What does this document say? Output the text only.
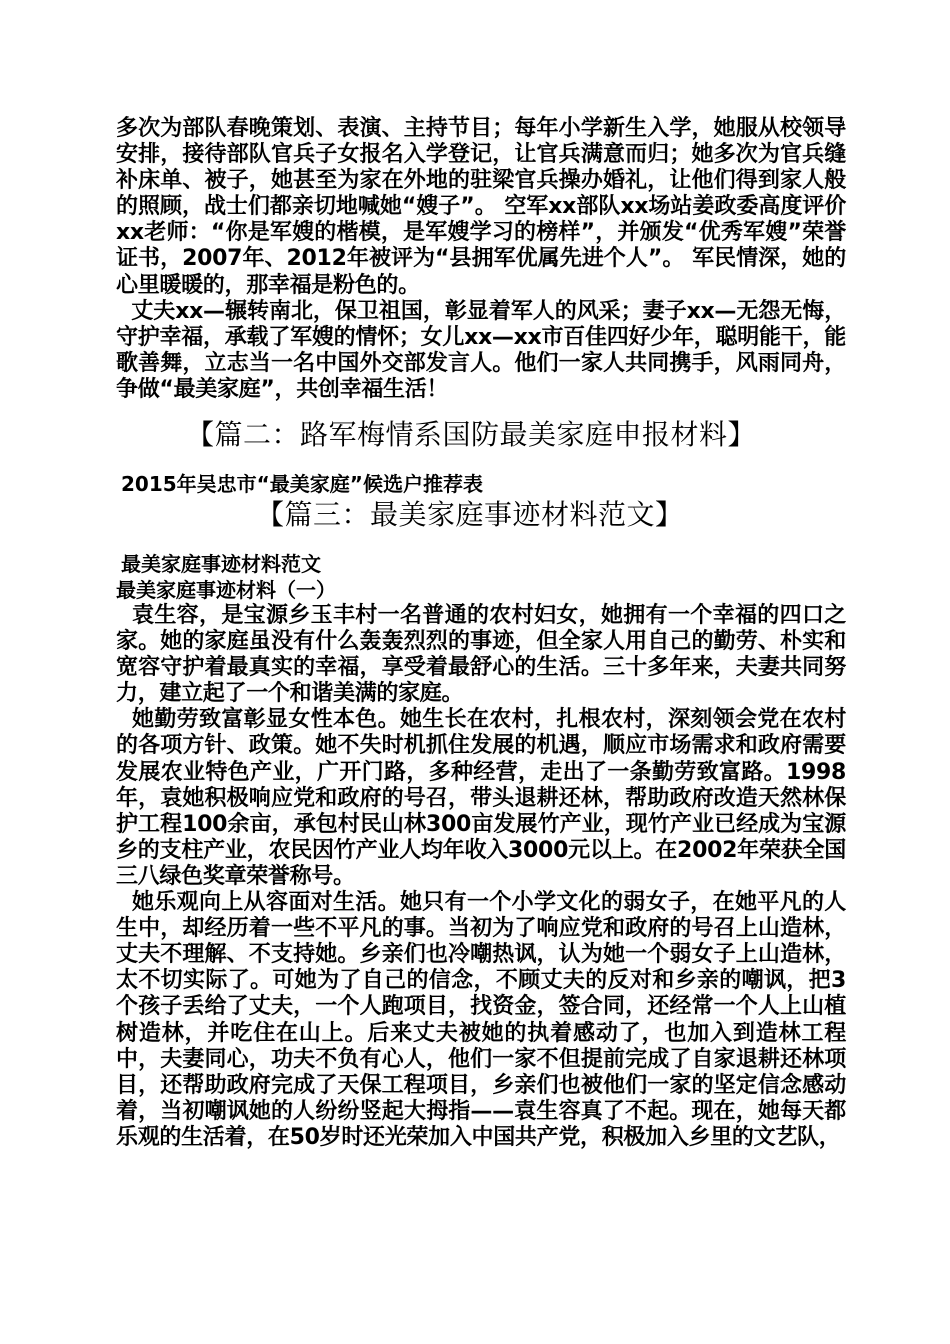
多次为部队春晚策划、表演、主持节目；每年小学新生入学，她服从校领导安排，接待部队官兵子女报名入学登记，让官兵满意而归；她多次为官兵缝补床单、被子，她甚至为家在外地的驻梁官兵操办婚礼，让他们得到家人般的照顾，战士们都亲切地喊她“嫂子”。 空军xx部队xx场站姜政委高度评价xx老师：“你是军嫂的楷模，是军嫂学习的榜样”，并颁发“优秀军嫂”荣誉证书，2007年、2012年被评为“县拥军优属先进个人”。 军民情深，她的心里暖暖的，那幸福是粉色的。

丈夫xx—辗转南北，保卫祖国，彰显着军人的风采；妻子xx—无怨无悔，守护幸福，承载了军嫂的情怀；女儿xx—xx市百佳四好少年，聪明能干，能歌善舞，立志当一名中国外交部发言人。他们一家人共同携手，风雨同舟，争做“最美家庭”，共创幸福生活！

【篇二：路军梅情系国防最美家庭申报材料】
2015年吴忠市“最美家庭”候选户推荐表
【篇三：最美家庭事迹材料范文】
最美家庭事迹材料范文
最美家庭事迹材料（一）

袁生容，是宝源乡玉丰村一名普通的农村妇女，她拥有一个幸福的四口之家。她的家庭虽没有什么轰轰烈烈的事迹，但全家人用自己的勤劳、朴实和宽容守护着最真实的幸福，享受着最舒心的生活。三十多年来，夫妻共同努力，建立起了一个和谐美满的家庭。

她勤劳致富彰显女性本色。她生长在农村，扎根农村，深刻领会党在农村的各项方针、政策。她不失时机抓住发展的机遇，顺应市场需求和政府需要发展农业特色产业，广开门路，多种经营，走出了一条勤劳致富路。1998年，袁她积极响应党和政府的号召，带头退耕还林，帮助政府改造天然林保护工程100余亩，承包村民山林300亩发展竹产业，现竹产业已经成为宝源乡的支柱产业，农民因竹产业人均年收入3000元以上。在2002年荣获全国三八绿色奖章荣誉称号。

她乐观向上从容面对生活。她只有一个小学文化的弱女子，在她平凡的人生中，却经历着一些不平凡的事。当初为了响应党和政府的号召上山造林，丈夫不理解、不支持她。乡亲们也冷嘲热讽，认为她一个弱女子上山造林，太不切实际了。可她为了自己的信念，不顾丈夫的反对和乡亲的嘲讽，把3个孩子丢给了丈夫，一个人跑项目，找资金，签合同，还经常一个人上山植树造林，并吃住在山上。后来丈夫被她的执着感动了，也加入到造林工程中，夫妻同心，功夫不负有心人，他们一家不但提前完成了自家退耕还林项目，还帮助政府完成了天保工程项目，乡亲们也被他们一家的坚定信念感动着，当初嘲讽她的人纷纷竖起大拇指——袁生容真了不起。现在，她每天都乐观的生活着，在50岁时还光荣加入中国共产党，积极加入乡里的文艺队，
